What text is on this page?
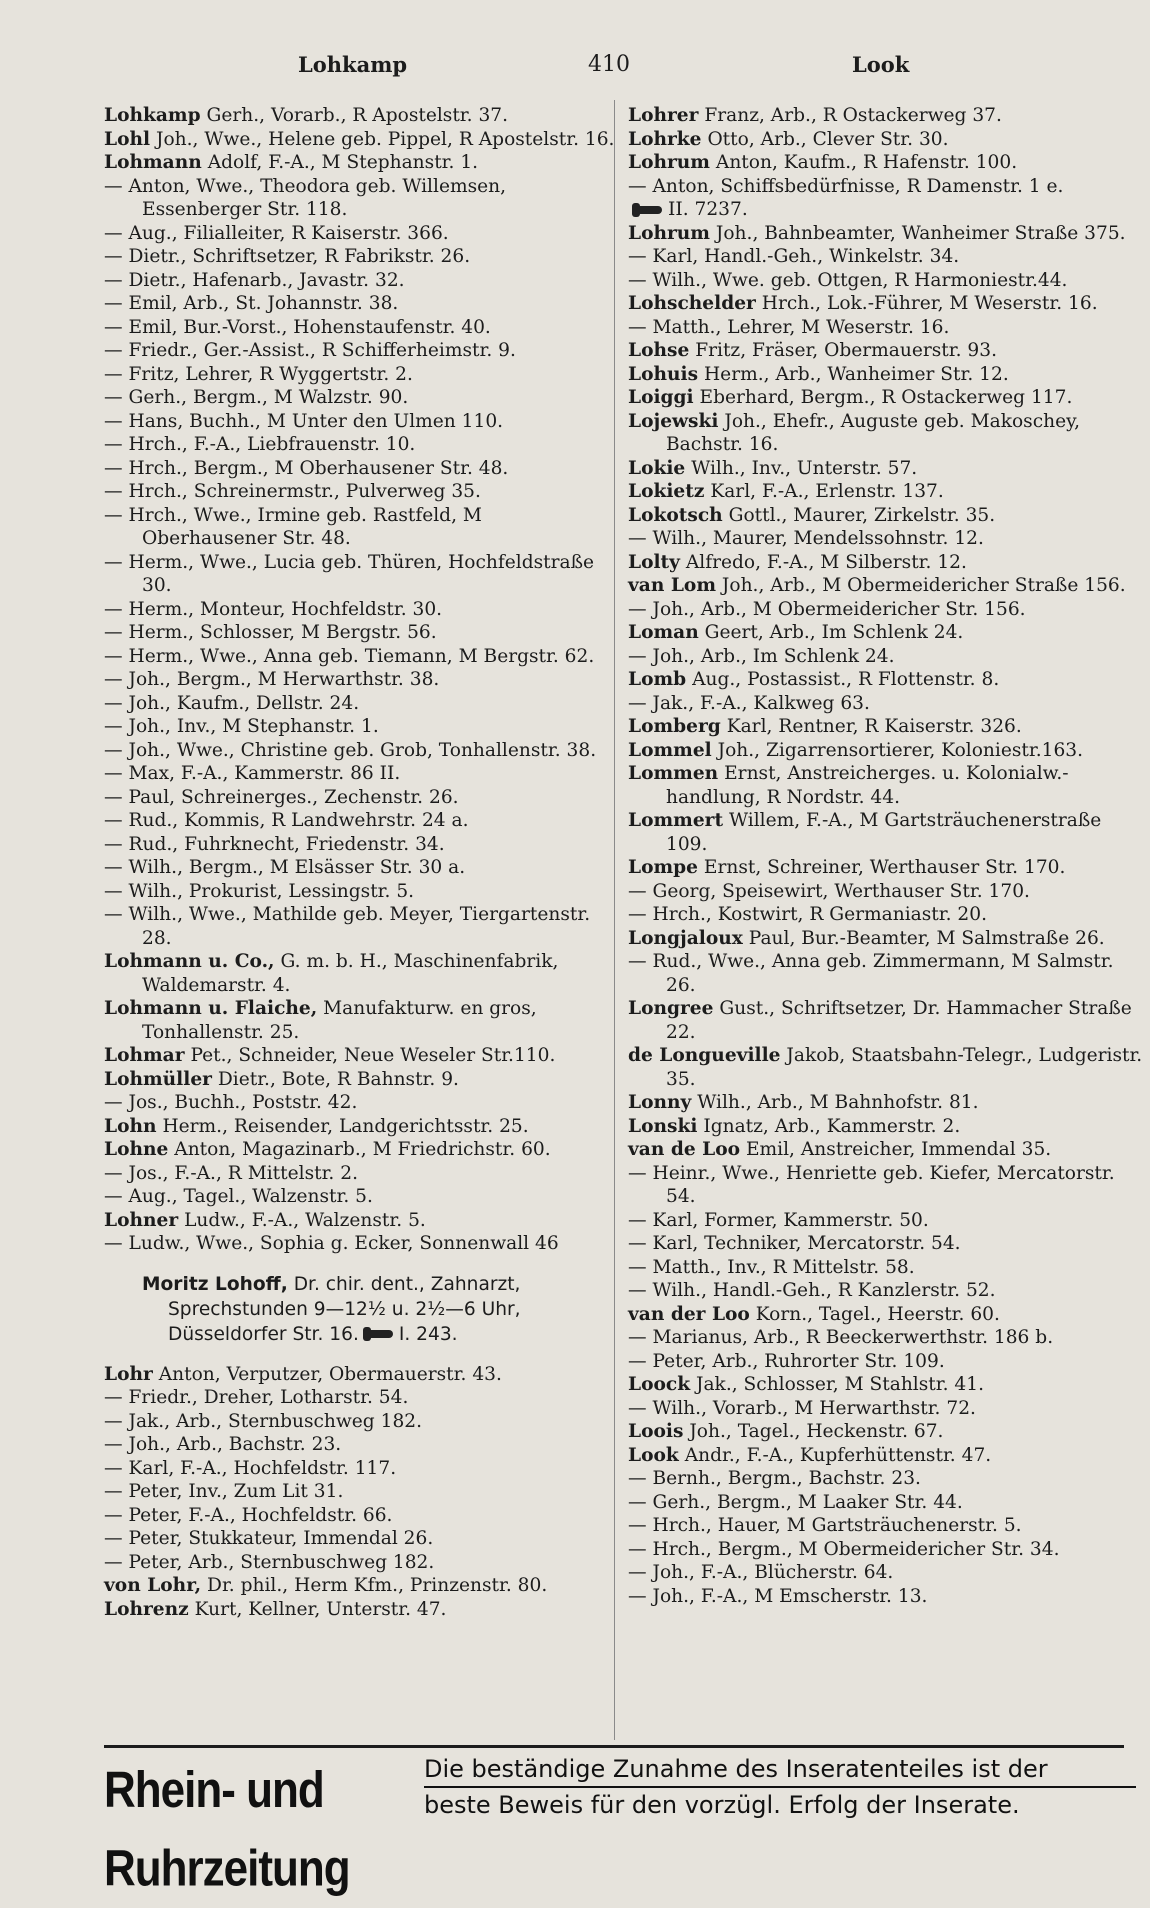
Lohkamp	410	Look

Lohkamp Gerh., Vorarb., R Apostelstr. 37.

Lohl Joh., Wwe., Helene geb. Pippel, R Apostelstr. 16.

Lohmann Adolf, F.-A., M Stephanstr. 1.

— Anton, Wwe., Theodora geb. Willemsen, Essenberger Str. 118.

— Aug., Filialleiter, R Kaiserstr. 366.

— Dietr., Schriftsetzer, R Fabrikstr. 26.

— Dietr., Hafenarb., Javastr. 32.

— Emil, Arb., St. Johannstr. 38.

— Emil, Bur.-Vorst., Hohenstaufenstr. 40.

— Friedr., Ger.-Assist., R Schifferheimstr. 9.

— Fritz, Lehrer, R Wyggertstr. 2.

— Gerh., Bergm., M Walzstr. 90.

— Hans, Buchh., M Unter den Ulmen 110.

— Hrch., F.-A., Liebfrauenstr. 10.

— Hrch., Bergm., M Oberhausener Str. 48.

— Hrch., Schreinermstr., Pulverweg 35.

— Hrch., Wwe., Irmine geb. Rastfeld, M Oberhausener Str. 48.

— Herm., Wwe., Lucia geb. Thüren, Hochfeldstraße 30.

— Herm., Monteur, Hochfeldstr. 30.

— Herm., Schlosser, M Bergstr. 56.

— Herm., Wwe., Anna geb. Tiemann, M Bergstr. 62.

— Joh., Bergm., M Herwarthstr. 38.

— Joh., Kaufm., Dellstr. 24.

— Joh., Inv., M Stephanstr. 1.

— Joh., Wwe., Christine geb. Grob, Tonhallenstr. 38.

— Max, F.-A., Kammerstr. 86 II.

— Paul, Schreinerges., Zechenstr. 26.

— Rud., Kommis, R Landwehrstr. 24 a.

— Rud., Fuhrknecht, Friedenstr. 34.

— Wilh., Bergm., M Elsässer Str. 30 a.

— Wilh., Prokurist, Lessingstr. 5.

— Wilh., Wwe., Mathilde geb. Meyer, Tiergartenstr. 28.

Lohmann u. Co., G. m. b. H., Maschinenfabrik, Waldemarstr. 4.

Lohmann u. Flaiche, Manufakturw. en gros, Tonhallenstr. 25.

Lohmar Pet., Schneider, Neue Weseler Str.110.

Lohmüller Dietr., Bote, R Bahnstr. 9.

— Jos., Buchh., Poststr. 42.

Lohn Herm., Reisender, Landgerichtsstr. 25.

Lohne Anton, Magazinarb., M Friedrichstr. 60.

— Jos., F.-A., R Mittelstr. 2.

— Aug., Tagel., Walzenstr. 5.

Lohner Ludw., F.-A., Walzenstr. 5.

— Ludw., Wwe., Sophia g. Ecker, Sonnenwall 46

Moritz Lohoff, Dr. chir. dent., Zahnarzt,
Sprechstunden 9—12½ u. 2½—6 Uhr,
Düsseldorfer Str. 16. I. 243.

Lohr Anton, Verputzer, Obermauerstr. 43.

— Friedr., Dreher, Lotharstr. 54.

— Jak., Arb., Sternbuschweg 182.

— Joh., Arb., Bachstr. 23.

— Karl, F.-A., Hochfeldstr. 117.

— Peter, Inv., Zum Lit 31.

— Peter, F.-A., Hochfeldstr. 66.

— Peter, Stukkateur, Immendal 26.

— Peter, Arb., Sternbuschweg 182.

von Lohr, Dr. phil., Herm Kfm., Prinzenstr. 80.

Lohrenz Kurt, Kellner, Unterstr. 47.

Lohrer Franz, Arb., R Ostackerweg 37.

Lohrke Otto, Arb., Clever Str. 30.

Lohrum Anton, Kaufm., R Hafenstr. 100.

— Anton, Schiffsbedürfnisse, R Damenstr. 1 e.

II. 7237.

Lohrum Joh., Bahnbeamter, Wanheimer Straße 375.

— Karl, Handl.-Geh., Winkelstr. 34.

— Wilh., Wwe. geb. Ottgen, R Harmoniestr.44.

Lohschelder Hrch., Lok.-Führer, M Weserstr. 16.

— Matth., Lehrer, M Weserstr. 16.

Lohse Fritz, Fräser, Obermauerstr. 93.

Lohuis Herm., Arb., Wanheimer Str. 12.

Loiggi Eberhard, Bergm., R Ostackerweg 117.

Lojewski Joh., Ehefr., Auguste geb. Makoschey, Bachstr. 16.

Lokie Wilh., Inv., Unterstr. 57.

Lokietz Karl, F.-A., Erlenstr. 137.

Lokotsch Gottl., Maurer, Zirkelstr. 35.

— Wilh., Maurer, Mendelssohnstr. 12.

Lolty Alfredo, F.-A., M Silberstr. 12.

van Lom Joh., Arb., M Obermeidericher Straße 156.

— Joh., Arb., M Obermeidericher Str. 156.

Loman Geert, Arb., Im Schlenk 24.

— Joh., Arb., Im Schlenk 24.

Lomb Aug., Postassist., R Flottenstr. 8.

— Jak., F.-A., Kalkweg 63.

Lomberg Karl, Rentner, R Kaiserstr. 326.

Lommel Joh., Zigarrensortierer, Koloniestr.163.

Lommen Ernst, Anstreicherges. u. Kolonialw.-handlung, R Nordstr. 44.

Lommert Willem, F.-A., M Gartsträuchenerstraße 109.

Lompe Ernst, Schreiner, Werthauser Str. 170.

— Georg, Speisewirt, Werthauser Str. 170.

— Hrch., Kostwirt, R Germaniastr. 20.

Longjaloux Paul, Bur.-Beamter, M Salmstraße 26.

— Rud., Wwe., Anna geb. Zimmermann, M Salmstr. 26.

Longree Gust., Schriftsetzer, Dr. Hammacher Straße 22.

de Longueville Jakob, Staatsbahn-Telegr., Ludgeristr. 35.

Lonny Wilh., Arb., M Bahnhofstr. 81.

Lonski Ignatz, Arb., Kammerstr. 2.

van de Loo Emil, Anstreicher, Immendal 35.

— Heinr., Wwe., Henriette geb. Kiefer, Mercatorstr. 54.

— Karl, Former, Kammerstr. 50.

— Karl, Techniker, Mercatorstr. 54.

— Matth., Inv., R Mittelstr. 58.

— Wilh., Handl.-Geh., R Kanzlerstr. 52.

van der Loo Korn., Tagel., Heerstr. 60.

— Marianus, Arb., R Beeckerwerthstr. 186 b.

— Peter, Arb., Ruhrorter Str. 109.

Loock Jak., Schlosser, M Stahlstr. 41.

— Wilh., Vorarb., M Herwarthstr. 72.

Loois Joh., Tagel., Heckenstr. 67.

Look Andr., F.-A., Kupferhüttenstr. 47.

— Bernh., Bergm., Bachstr. 23.

— Gerh., Bergm., M Laaker Str. 44.

— Hrch., Hauer, M Gartsträuchenerstr. 5.

— Hrch., Bergm., M Obermeidericher Str. 34.

— Joh., F.-A., Blücherstr. 64.

— Joh., F.-A., M Emscherstr. 13.

Rhein- und Ruhrzeitung
Die beständige Zunahme des Inseratenteiles ist der
beste Beweis für den vorzügl. Erfolg der Inserate.
